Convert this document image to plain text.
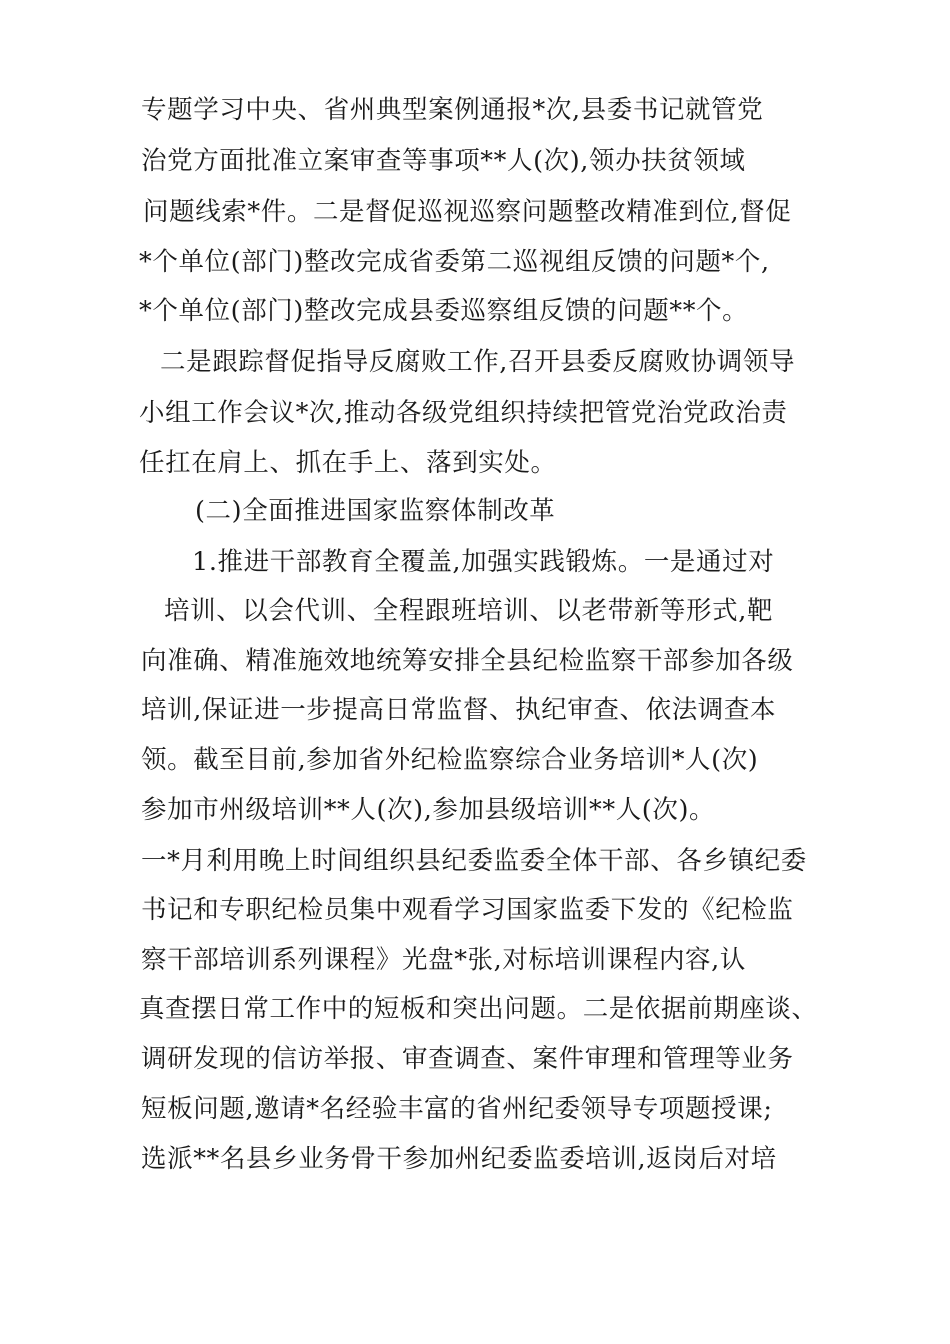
专题学习中央、省州典型案例通报*次,县委书记就管党
治党方面批准立案审查等事项**人(次),领办扶贫领域
问题线索*件。二是督促巡视巡察问题整改精准到位,督促
*个单位(部门)整改完成省委第二巡视组反馈的问题*个,
*个单位(部门)整改完成县委巡察组反馈的问题**个。
二是跟踪督促指导反腐败工作,召开县委反腐败协调领导
小组工作会议*次,推动各级党组织持续把管党治党政治责
任扛在肩上、抓在手上、落到实处。
(二)全面推进国家监察体制改革
1.推进干部教育全覆盖,加强实践锻炼。一是通过对
培训、以会代训、全程跟班培训、以老带新等形式,靶
向准确、精准施效地统筹安排全县纪检监察干部参加各级
培训,保证进一步提高日常监督、执纪审查、依法调查本
领。截至目前,参加省外纪检监察综合业务培训*人(次)
参加市州级培训**人(次),参加县级培训**人(次)。
一*月利用晚上时间组织县纪委监委全体干部、各乡镇纪委
书记和专职纪检员集中观看学习国家监委下发的《纪检监
察干部培训系列课程》光盘*张,对标培训课程内容,认
真查摆日常工作中的短板和突出问题。二是依据前期座谈、
调研发现的信访举报、审查调查、案件审理和管理等业务
短板问题,邀请*名经验丰富的省州纪委领导专项题授课;
选派**名县乡业务骨干参加州纪委监委培训,返岗后对培
